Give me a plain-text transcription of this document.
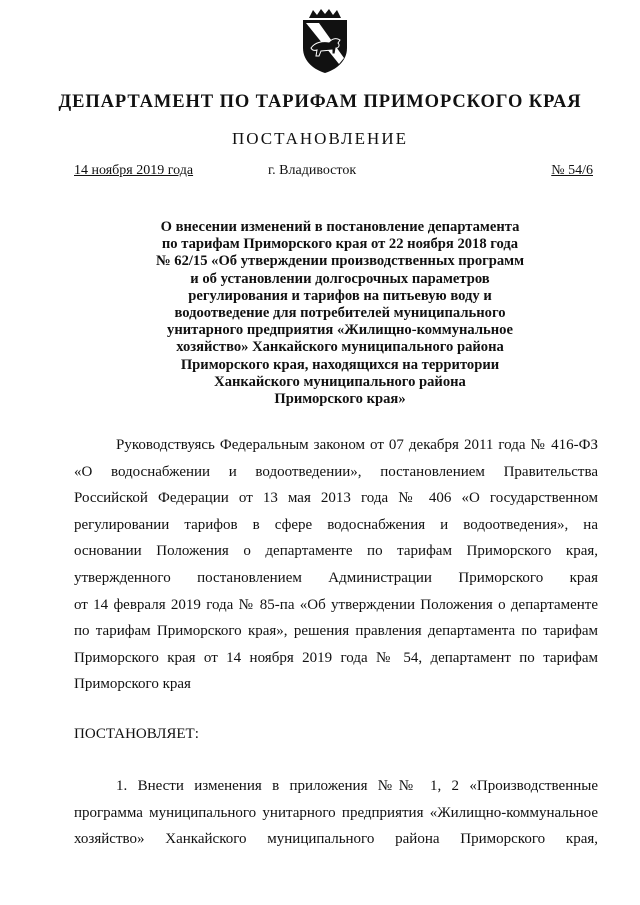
ДЕПАРТАМЕНТ ПО ТАРИФАМ ПРИМОРСКОГО КРАЯ
ПОСТАНОВЛЕНИЕ
14 ноября 2019 года	г. Владивосток	№ 54/6
О внесении изменений в постановление департамента
по тарифам Приморского края от 22 ноября 2018 года
№ 62/15 «Об утверждении производственных программ
и об установлении долгосрочных параметров
регулирования и тарифов на питьевую воду и
водоотведение для потребителей муниципального
унитарного предприятия «Жилищно-коммунальное
хозяйство» Ханкайского муниципального района
Приморского края, находящихся на территории
Ханкайского муниципального района
Приморского края»
Руководствуясь Федеральным законом от 07 декабря 2011 года № 416-ФЗ
«О водоснабжении и водоотведении», постановлением Правительства
Российской Федерации от 13 мая 2013 года № 406 «О государственном
регулировании тарифов в сфере водоснабжения и водоотведения», на
основании Положения о департаменте по тарифам Приморского края,
утвержденного постановлением Администрации Приморского края
от 14 февраля 2019 года № 85-па «Об утверждении Положения о департаменте
по тарифам Приморского края», решения правления департамента по тарифам
Приморского края от 14 ноября 2019 года № 54, департамент по тарифам
Приморского края
ПОСТАНОВЛЯЕТ:
1. Внести изменения в приложения №№ 1, 2 «Производственные
программа муниципального унитарного предприятия «Жилищно-коммунальное
хозяйство» Ханкайского муниципального района Приморского края,
